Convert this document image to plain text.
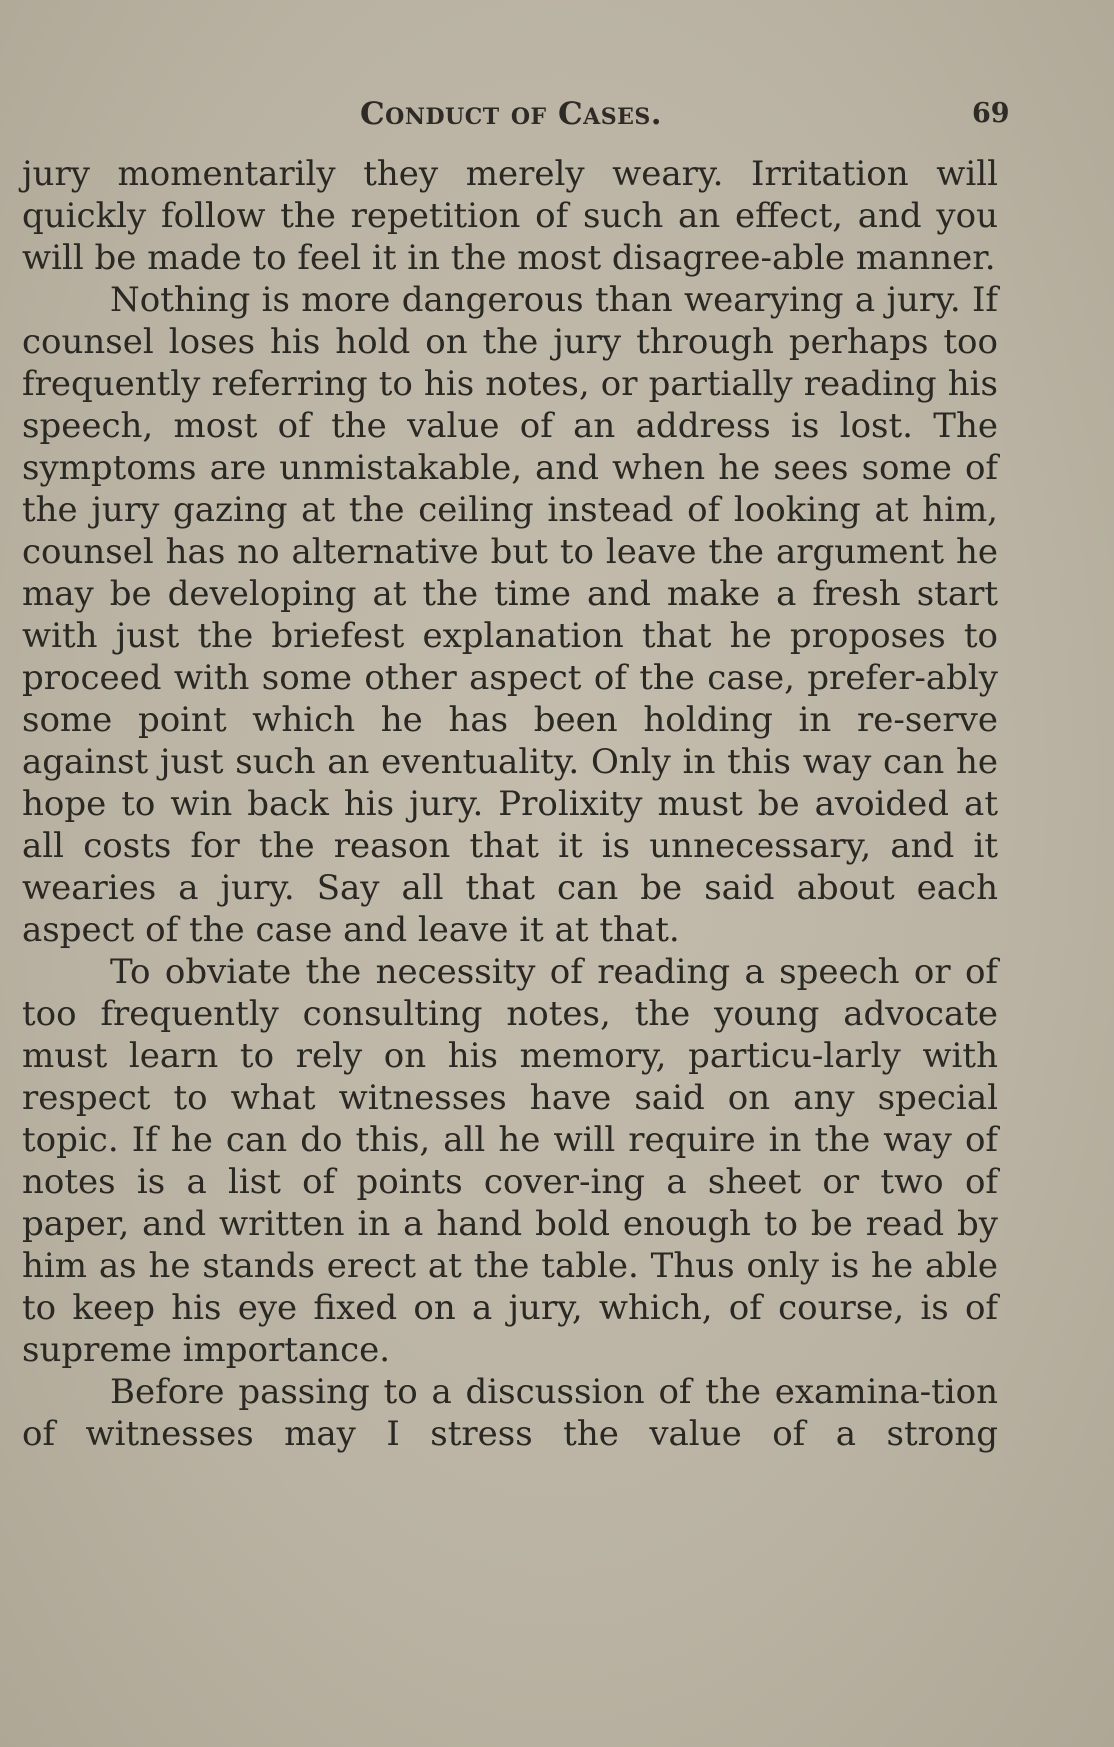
Conduct of Cases.	69

jury momentarily they merely weary. Irritation will quickly follow the repetition of such an effect, and you will be made to feel it in the most disagree-able manner.

Nothing is more dangerous than wearying a jury. If counsel loses his hold on the jury through perhaps too frequently referring to his notes, or partially reading his speech, most of the value of an address is lost. The symptoms are unmistakable, and when he sees some of the jury gazing at the ceiling instead of looking at him, counsel has no alternative but to leave the argument he may be developing at the time and make a fresh start with just the briefest explanation that he proposes to proceed with some other aspect of the case, prefer-ably some point which he has been holding in re-serve against just such an eventuality. Only in this way can he hope to win back his jury. Prolixity must be avoided at all costs for the reason that it is unnecessary, and it wearies a jury. Say all that can be said about each aspect of the case and leave it at that.

To obviate the necessity of reading a speech or of too frequently consulting notes, the young advocate must learn to rely on his memory, particu-larly with respect to what witnesses have said on any special topic. If he can do this, all he will require in the way of notes is a list of points cover-ing a sheet or two of paper, and written in a hand bold enough to be read by him as he stands erect at the table. Thus only is he able to keep his eye fixed on a jury, which, of course, is of supreme importance.

Before passing to a discussion of the examina-tion of witnesses may I stress the value of a strong
